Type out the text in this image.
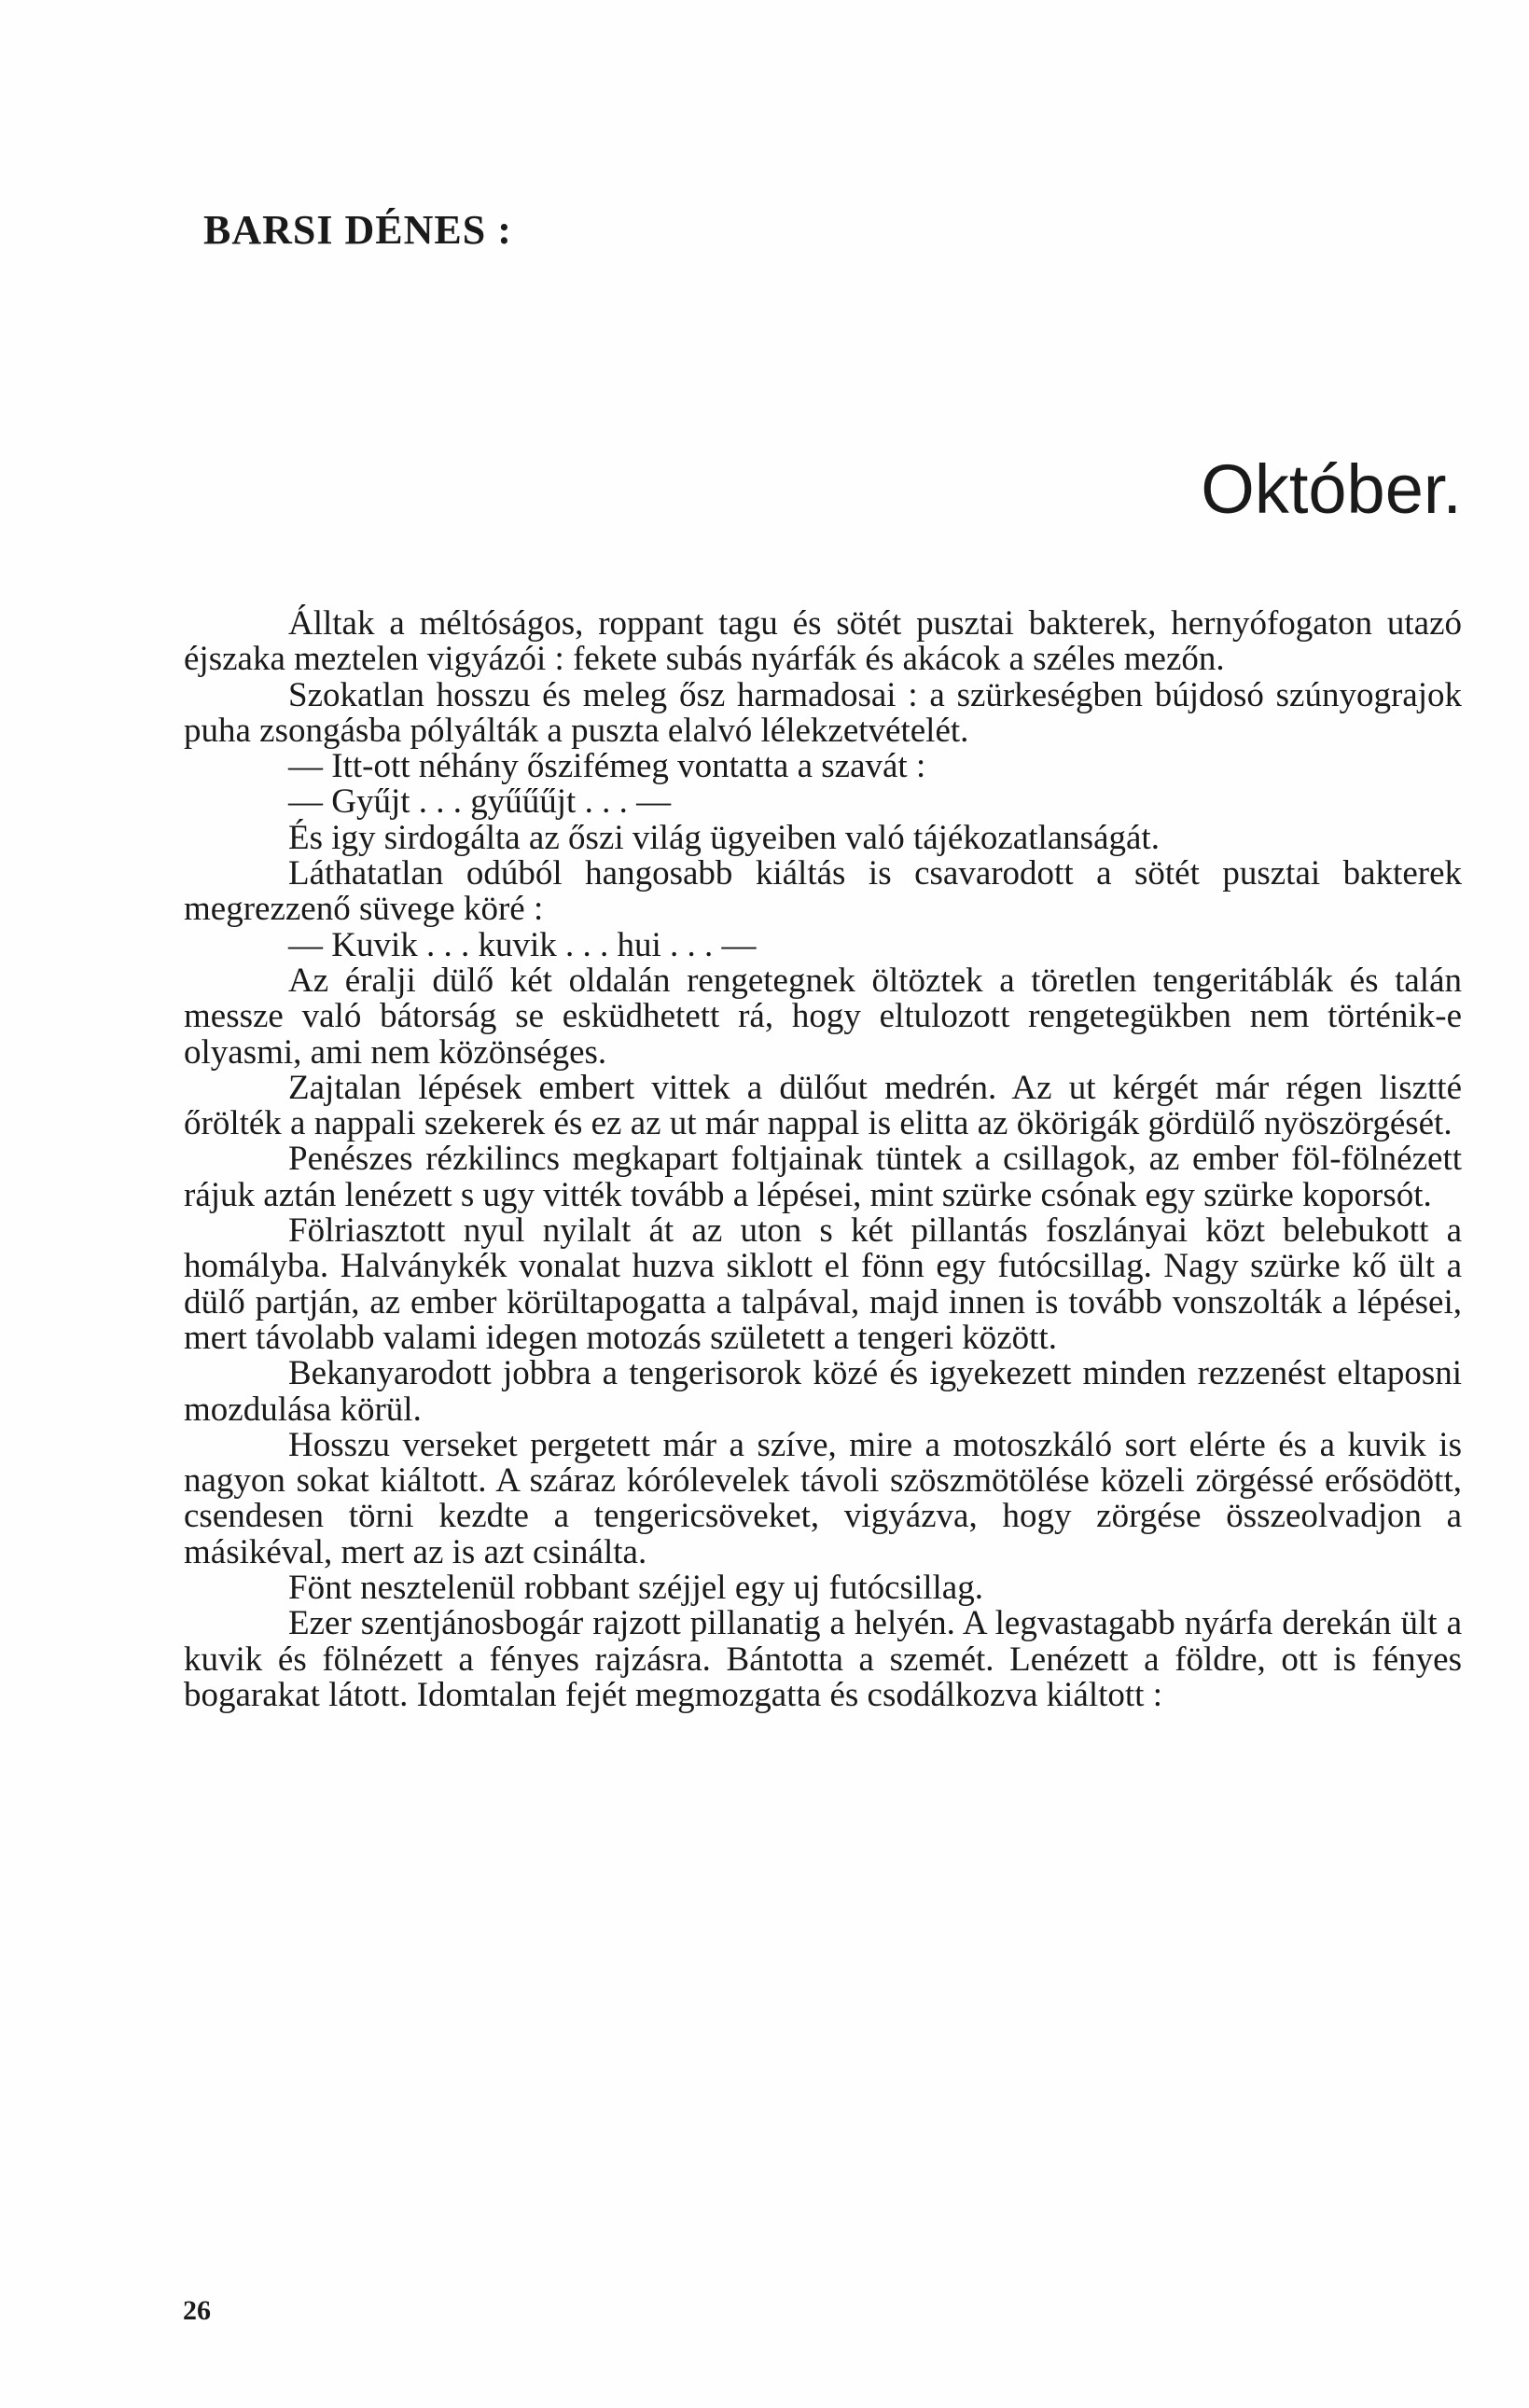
BARSI DÉNES :
Október.

Álltak a méltóságos, roppant tagu és sötét pusztai bakterek, hernyófogaton utazó éjszaka meztelen vigyázói : fekete subás nyárfák és akácok a széles mezőn.

Szokatlan hosszu és meleg ősz harmadosai : a szürkeségben bújdosó szúnyograjok puha zsongásba pólyálták a puszta elalvó lélekzetvételét.

— Itt-ott néhány őszifémeg vontatta a szavát :

— Gyűjt . . . gyűűűjt . . . —

És igy sirdogálta az őszi világ ügyeiben való tájékozatlanságát.

Láthatatlan odúból hangosabb kiáltás is csavarodott a sötét pusztai bakterek megrezzenő süvege köré :

— Kuvik . . . kuvik . . . hui . . . —

Az éralji dülő két oldalán rengetegnek öltöztek a töretlen tengeritáblák és talán messze való bátorság se esküdhetett rá, hogy eltulozott rengetegükben nem történik-e olyasmi, ami nem közönséges.

Zajtalan lépések embert vittek a dülőut medrén. Az ut kérgét már régen lisztté őrölték a nappali szekerek és ez az ut már nappal is elitta az ökörigák gördülő nyöszörgését.

Penészes rézkilincs megkapart foltjainak tüntek a csillagok, az ember föl-fölnézett rájuk aztán lenézett s ugy vitték tovább a lépései, mint szürke csónak egy szürke koporsót.

Fölriasztott nyul nyilalt át az uton s két pillantás foszlányai közt belebukott a homályba. Halványkék vonalat huzva siklott el fönn egy futócsillag. Nagy szürke kő ült a dülő partján, az ember körültapogatta a talpával, majd innen is tovább vonszolták a lépései, mert távolabb valami idegen motozás született a tengeri között.

Bekanyarodott jobbra a tengerisorok közé és igyekezett minden rezzenést eltaposni mozdulása körül.

Hosszu verseket pergetett már a szíve, mire a motoszkáló sort elérte és a kuvik is nagyon sokat kiáltott. A száraz kórólevelek távoli szöszmötölése közeli zörgéssé erősödött, csendesen törni kezdte a tengericsöveket, vigyázva, hogy zörgése összeolvadjon a másikéval, mert az is azt csinálta.

Fönt nesztelenül robbant széjjel egy uj futócsillag.

Ezer szentjánosbogár rajzott pillanatig a helyén. A legvastagabb nyárfa derekán ült a kuvik és fölnézett a fényes rajzásra. Bántotta a szemét. Lenézett a földre, ott is fényes bogarakat látott. Idomtalan fejét megmozgatta és csodálkozva kiáltott :

26
